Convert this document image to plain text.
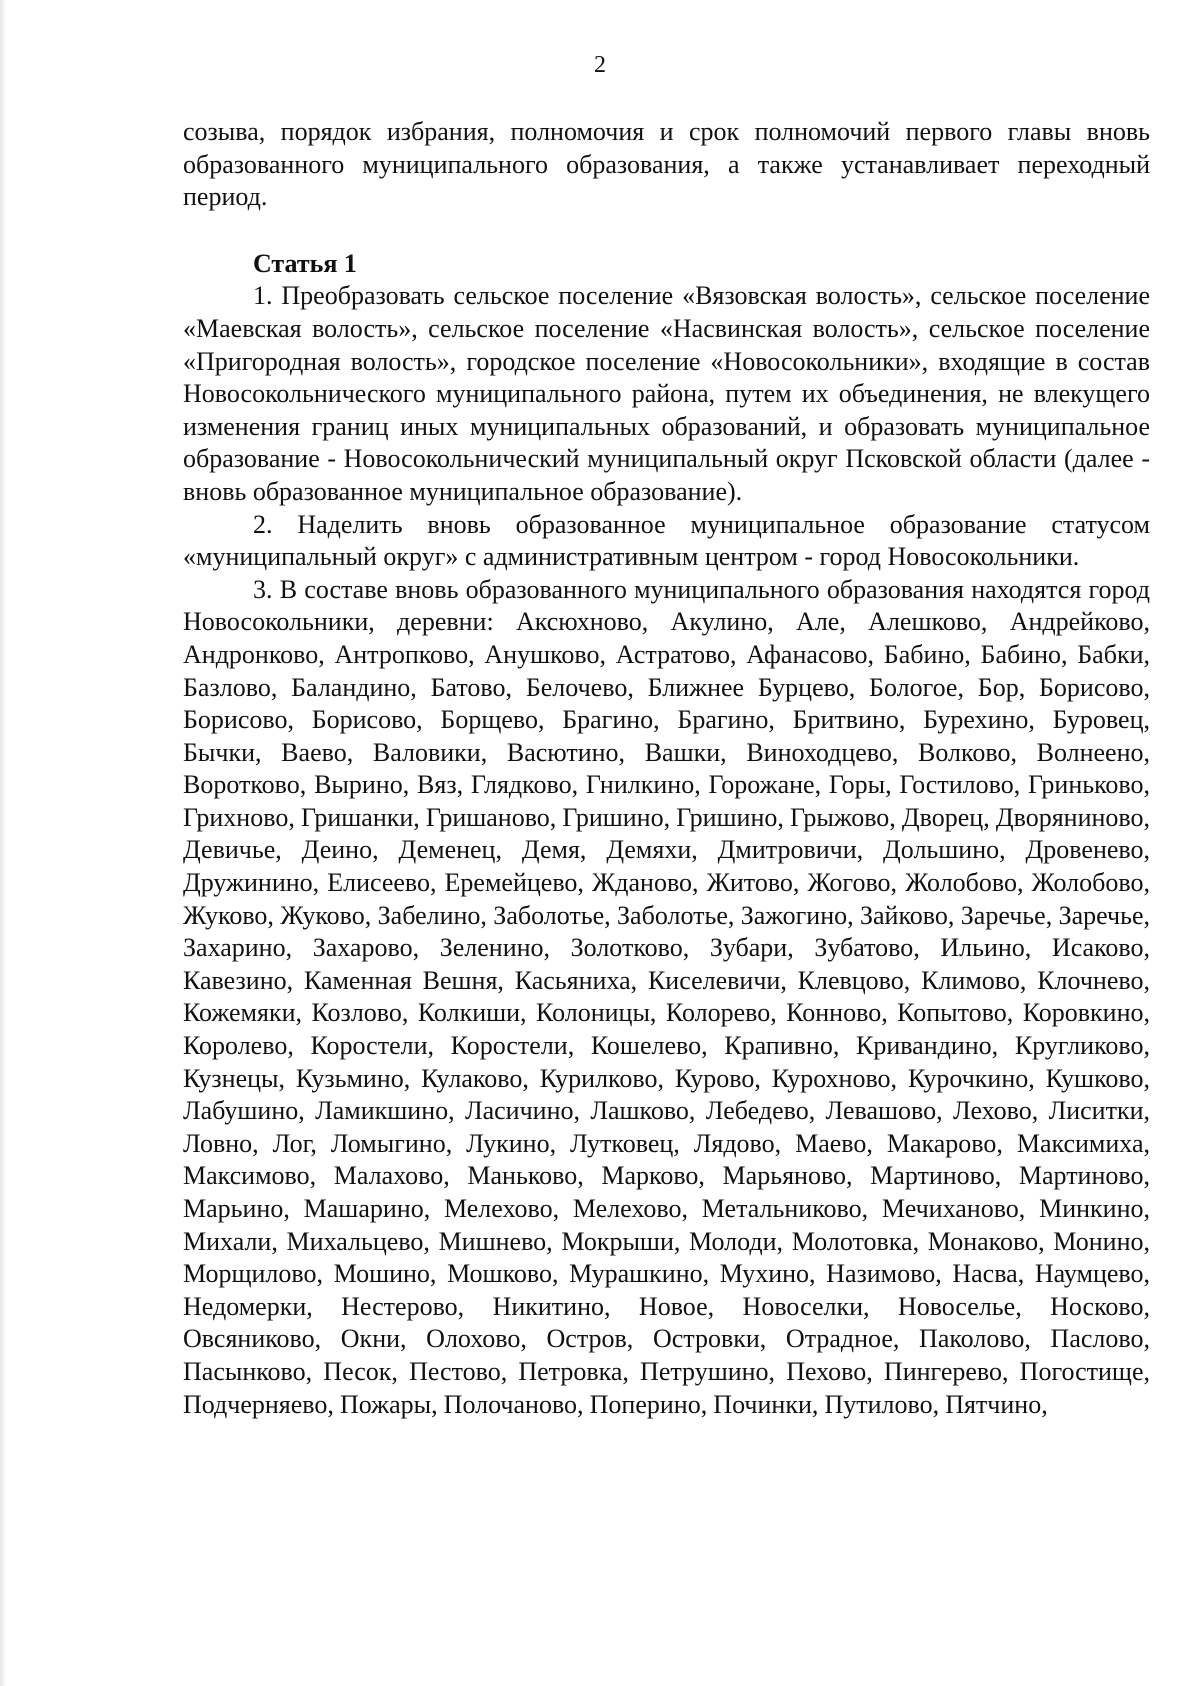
2

созыва, порядок избрания, полномочия и срок полномочий первого главы вновь образованного муниципального образования, а также устанавливает переходный период.

Статья 1

1. Преобразовать сельское поселение «Вязовская волость», сельское поселение «Маевская волость», сельское поселение «Насвинская волость», сельское поселение «Пригородная волость», городское поселение «Новосокольники», входящие в состав Новосокольнического муниципального района, путем их объединения, не влекущего изменения границ иных муниципальных образований, и образовать муниципальное образование - Новосокольнический муниципальный округ Псковской области (далее - вновь образованное муниципальное образование).

2. Наделить вновь образованное муниципальное образование статусом «муниципальный округ» с административным центром - город Новосокольники.

3. В составе вновь образованного муниципального образования находятся город Новосокольники, деревни: Аксюхново, Акулино, Але, Алешково, Андрейково, Андронково, Антропково, Анушково, Астратово, Афанасово, Бабино, Бабино, Бабки, Базлово, Баландино, Батово, Белочево, Ближнее Бурцево, Бологое, Бор, Борисово, Борисово, Борисово, Борщево, Брагино, Брагино, Бритвино, Бурехино, Буровец, Бычки, Ваево, Валовики, Васютино, Вашки, Виноходцево, Волково, Волнеено, Воротково, Вырино, Вяз, Глядково, Гнилкино, Горожане, Горы, Гостилово, Гриньково, Грихново, Гришанки, Гришаново, Гришино, Гришино, Грыжово, Дворец, Дворяниново, Девичье, Деино, Деменец, Демя, Демяхи, Дмитровичи, Дольшино, Дровенево, Дружинино, Елисеево, Еремейцево, Жданово, Житово, Жогово, Жолобово, Жолобово, Жуково, Жуково, Забелино, Заболотье, Заболотье, Зажогино, Зайково, Заречье, Заречье, Захарино, Захарово, Зеленино, Золотково, Зубари, Зубатово, Ильино, Исаково, Кавезино, Каменная Вешня, Касьяниха, Киселевичи, Клевцово, Климово, Клочнево, Кожемяки, Козлово, Колкиши, Колоницы, Колорево, Конново, Копытово, Коровкино, Королево, Коростели, Коростели, Кошелево, Крапивно, Кривандино, Кругликово, Кузнецы, Кузьмино, Кулаково, Курилково, Курово, Курохново, Курочкино, Кушково, Лабушино, Ламикшино, Ласичино, Лашково, Лебедево, Левашово, Лехово, Лиситки, Ловно, Лог, Ломыгино, Лукино, Лутковец, Лядово, Маево, Макарово, Максимиха, Максимово, Малахово, Маньково, Марково, Марьяново, Мартиново, Мартиново, Марьино, Машарино, Мелехово, Мелехово, Метальниково, Мечиханово, Минкино, Михали, Михальцево, Мишнево, Мокрыши, Молоди, Молотовка, Монаково, Монино, Морщилово, Мошино, Мошково, Мурашкино, Мухино, Назимово, Насва, Наумцево, Недомерки, Нестерово, Никитино, Новое, Новоселки, Новоселье, Носково, Овсяниково, Окни, Олохово, Остров, Островки, Отрадное, Паколово, Паслово, Пасынково, Песок, Пестово, Петровка, Петрушино, Пехово, Пингерево, Погостище, Подчерняево, Пожары, Полочаново, Поперино, Починки, Путилово, Пятчино,
